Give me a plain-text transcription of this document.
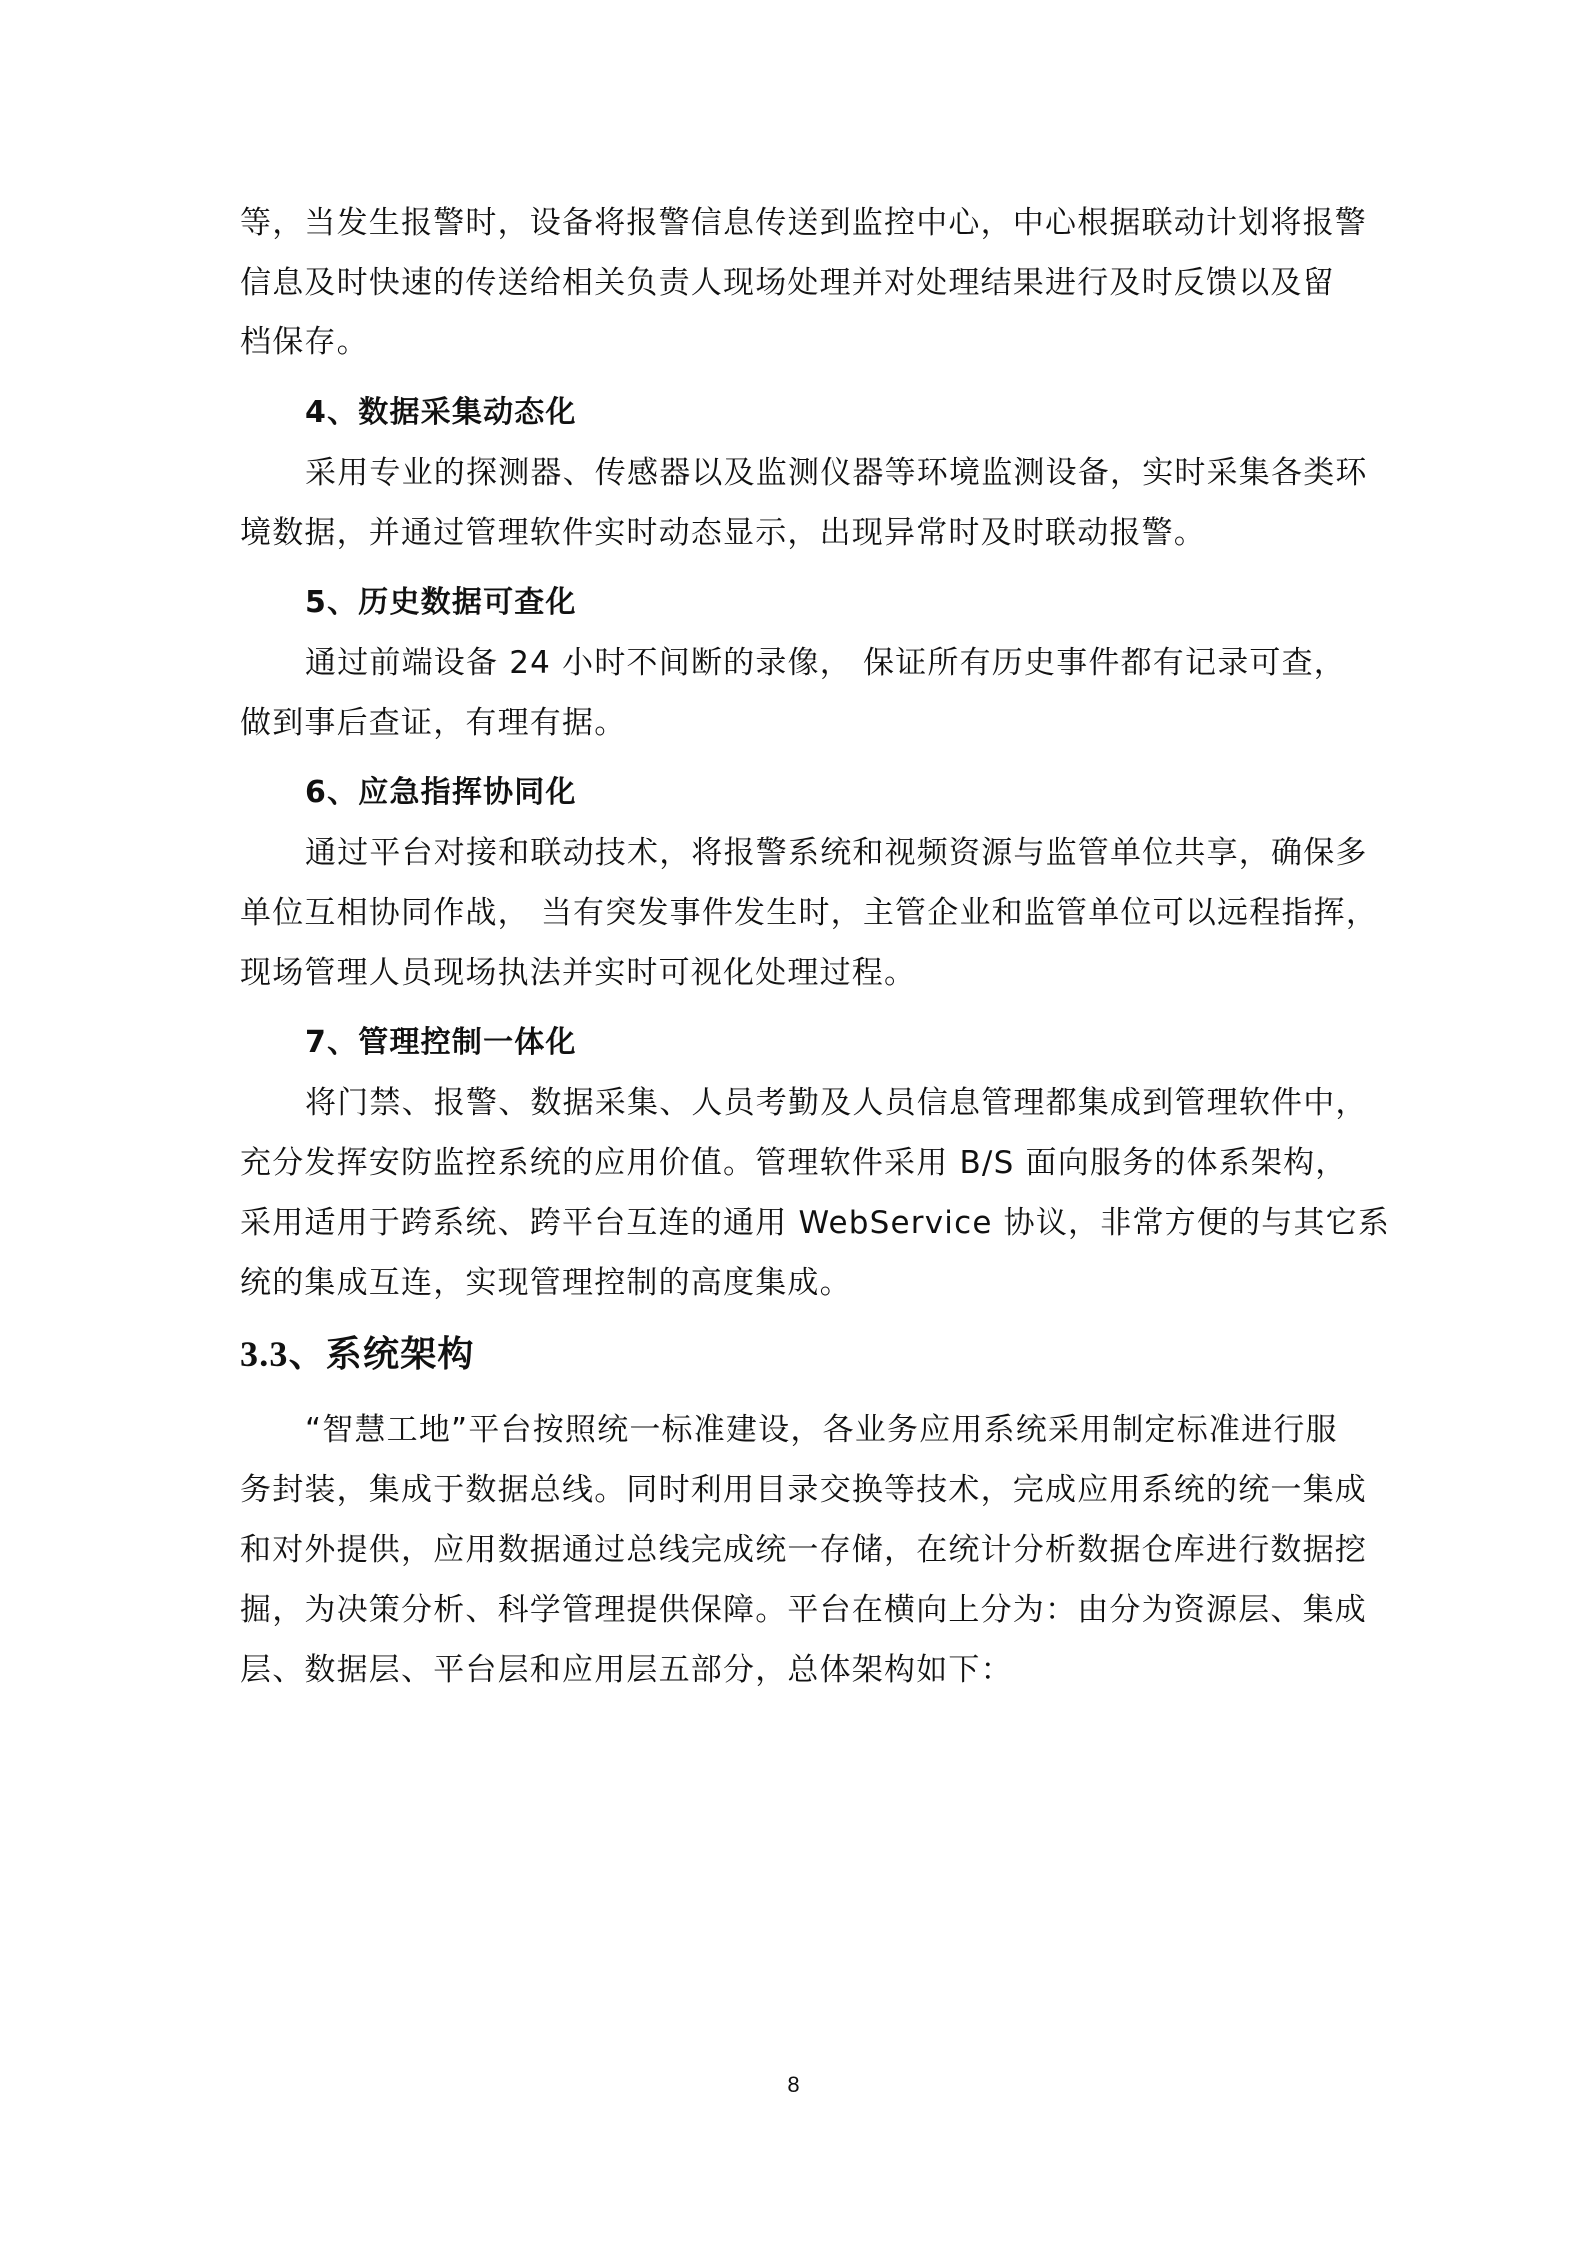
等，当发生报警时，设备将报警信息传送到监控中心，中心根据联动计划将报警
信息及时快速的传送给相关负责人现场处理并对处理结果进行及时反馈以及留
档保存。
4、数据采集动态化
采用专业的探测器、传感器以及监测仪器等环境监测设备，实时采集各类环
境数据，并通过管理软件实时动态显示，出现异常时及时联动报警。
5、历史数据可查化
通过前端设备 24 小时不间断的录像， 保证所有历史事件都有记录可查，
做到事后查证，有理有据。
6、应急指挥协同化
通过平台对接和联动技术，将报警系统和视频资源与监管单位共享，确保多
单位互相协同作战， 当有突发事件发生时，主管企业和监管单位可以远程指挥，
现场管理人员现场执法并实时可视化处理过程。
7、管理控制一体化
将门禁、报警、数据采集、人员考勤及人员信息管理都集成到管理软件中，
充分发挥安防监控系统的应用价值。管理软件采用 B/S 面向服务的体系架构，
采用适用于跨系统、跨平台互连的通用 WebService 协议，非常方便的与其它系
统的集成互连，实现管理控制的高度集成。
3.3、系统架构
“智慧工地”平台按照统一标准建设，各业务应用系统采用制定标准进行服
务封装，集成于数据总线。同时利用目录交换等技术，完成应用系统的统一集成
和对外提供，应用数据通过总线完成统一存储，在统计分析数据仓库进行数据挖
掘，为决策分析、科学管理提供保障。平台在横向上分为：由分为资源层、集成
层、数据层、平台层和应用层五部分，总体架构如下：
8
